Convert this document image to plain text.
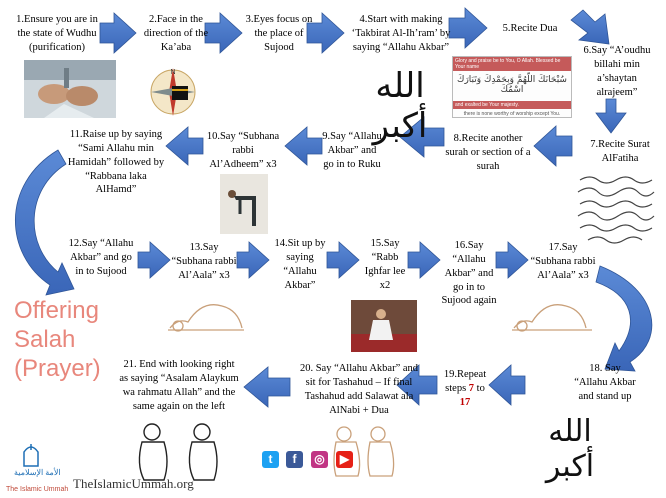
1.Ensure you are in
the state of Wudhu
(purification)
2.Face in the
direction of the
Ka’aba
3.Eyes focus on
the place of
Sujood
4.Start with making
‘Takbirat Al-Ih’ram’ by
saying “Allahu Akbar”
5.Recite Dua
6.Say “A’oudhu
billahi min
a’shaytan
alrajeem”
7.Recite Surat
AlFatiha
8.Recite another
surah or section of a
surah
9.Say “Allahu
Akbar” and
go in to Ruku
10.Say “Subhana
rabbi
Al’Adheem” x3
11.Raise up by saying
“Sami Allahu min
Hamidah” followed by
“Rabbana laka
AlHamd”
12.Say “Allahu
Akbar” and go
in to Sujood
13.Say
“Subhana rabbi
Al’Aala” x3
14.Sit up by
saying
“Allahu
Akbar”
15.Say
“Rabb
Ighfar lee
x2
16.Say
“Allahu
Akbar” and
go in to
Sujood again
17.Say
“Subhana rabbi
Al’Aala” x3
18. Say
“Allahu Akbar
and stand up
19.Repeat
steps 7 to
17
20. Say “Allahu Akbar” and
sit for Tashahud – If final
Tashahud add Salawat ala
AlNabi + Dua
21. End with looking right
as saying “Asalam Alaykum
wa rahmatu Allah” and the
same again on the left
Offering
Salah
(Prayer)
N	الله أكبر
Glory and praise be to You, O Allah. Blessed be Your name
سُبْحَانَكَ اللّهُمَّ وَبِحَمْدِكَ وَتَبَارَكَ اسْمُكَ
and exalted be Your majesty.
there is none worthy of worship except You.
الله أكبر
الأمة الإسلامية
The Islamic Ummah TheIslamicUmmah.org
t	f	◎	▶
